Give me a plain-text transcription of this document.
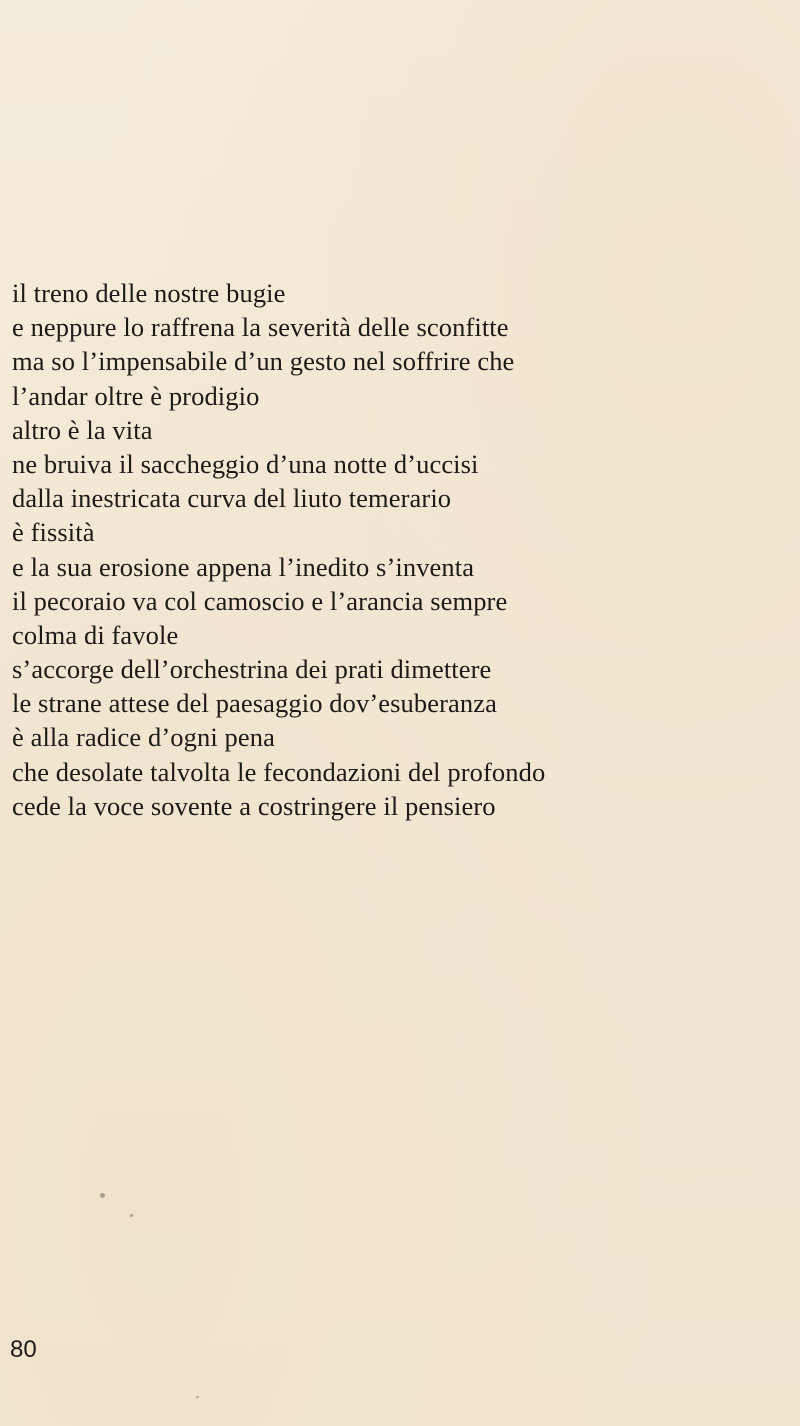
il treno delle nostre bugie
e neppure lo raffrena la severità delle sconfitte
ma so l’impensabile d’un gesto nel soffrire che
l’andar oltre è prodigio
altro è la vita
ne bruiva il saccheggio d’una notte d’uccisi
dalla inestricata curva del liuto temerario
è fissità
e la sua erosione appena l’inedito s’inventa
il pecoraio va col camoscio e l’arancia sempre
colma di favole
s’accorge dell’orchestrina dei prati dimettere
le strane attese del paesaggio dov’esuberanza
è alla radice d’ogni pena
che desolate talvolta le fecondazioni del profondo
cede la voce sovente a costringere il pensiero
80
